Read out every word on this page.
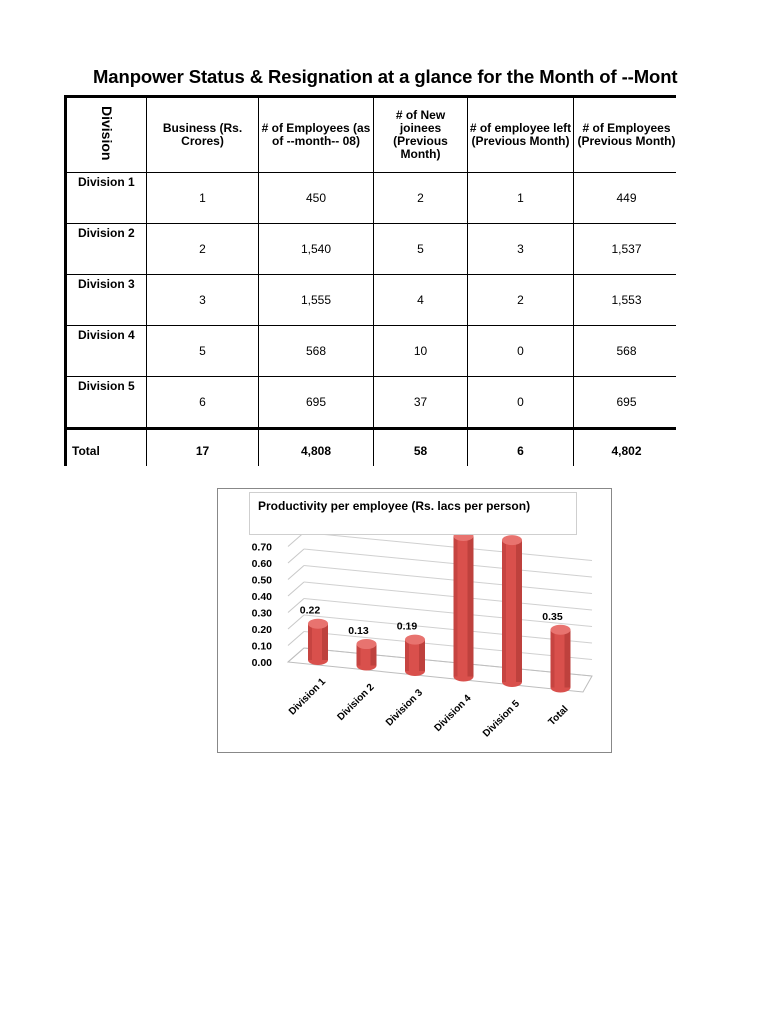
Manpower Status & Resignation at a glance for the Month of --Mont
Division	Business (Rs. Crores)	# of Employees (as of --month-- 08)	# of New joinees (Previous Month)	# of employee left (Previous Month)	# of Employees (Previous Month)
Division 1	1	450	2	1	449
Division 2	2	1,540	5	3	1,537
Division 3	3	1,555	4	2	1,553
Division 4	5	568	10	0	568
Division 5	6	695	37	0	695
Total	17	4,808	58	6	4,802
0.00
0.10
0.20
0.30
0.40
0.50
0.60
0.70
0.22
Division 1
0.13
Division 2
0.19
Division 3 Division 4 Division 5
0.35
Total
Productivity per employee (Rs. lacs per person)
